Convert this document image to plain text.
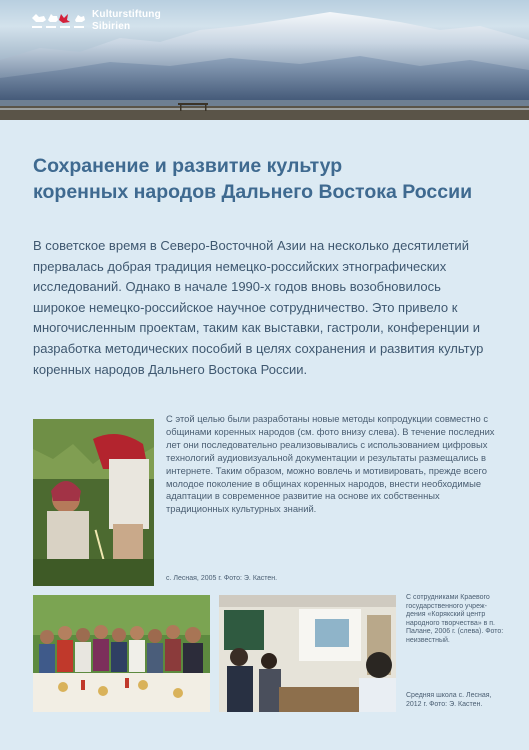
Kulturstiftung
Sibirien
Сохранение и развитие культур
коренных народов Дальнего Востока России

В советское время в Северо-Восточной Азии на несколько десятилетий прервалась добрая традиция немецко-российских этнографических исследований. Однако в начале 1990-х годов вновь возобновилось широкое немецко-российское научное сотрудничество. Это привело к многочисленным проектам, таким как выставки, гастроли, конференции и разработка методических пособий в целях сохранения и развития культур коренных народов Дальнего Востока России.

С этой целью были разработаны новые методы копродукции совместно с общинами коренных народов (см. фото внизу слева). В течение последних лет они последовательно реализовывались с использованием цифровых технологий аудиовизуальной документации и результаты размещались в интернете. Таким образом, можно вовлечь и мотивировать, прежде всего молодое поколение в общинах коренных народов, внести необходимые адаптации в современное развитие на основе их собственных традиционных культурных знаний.

с. Лесная, 2005 г. Фото: Э. Кастен.
С сотрудниками Краевого государственного учреж-дения «Корякский центр народного творчества» в п. Палане, 2006 г. (слева). Фото: неизвестный.
Средняя школа с. Лесная, 2012 г. Фото: Э. Кастен.
